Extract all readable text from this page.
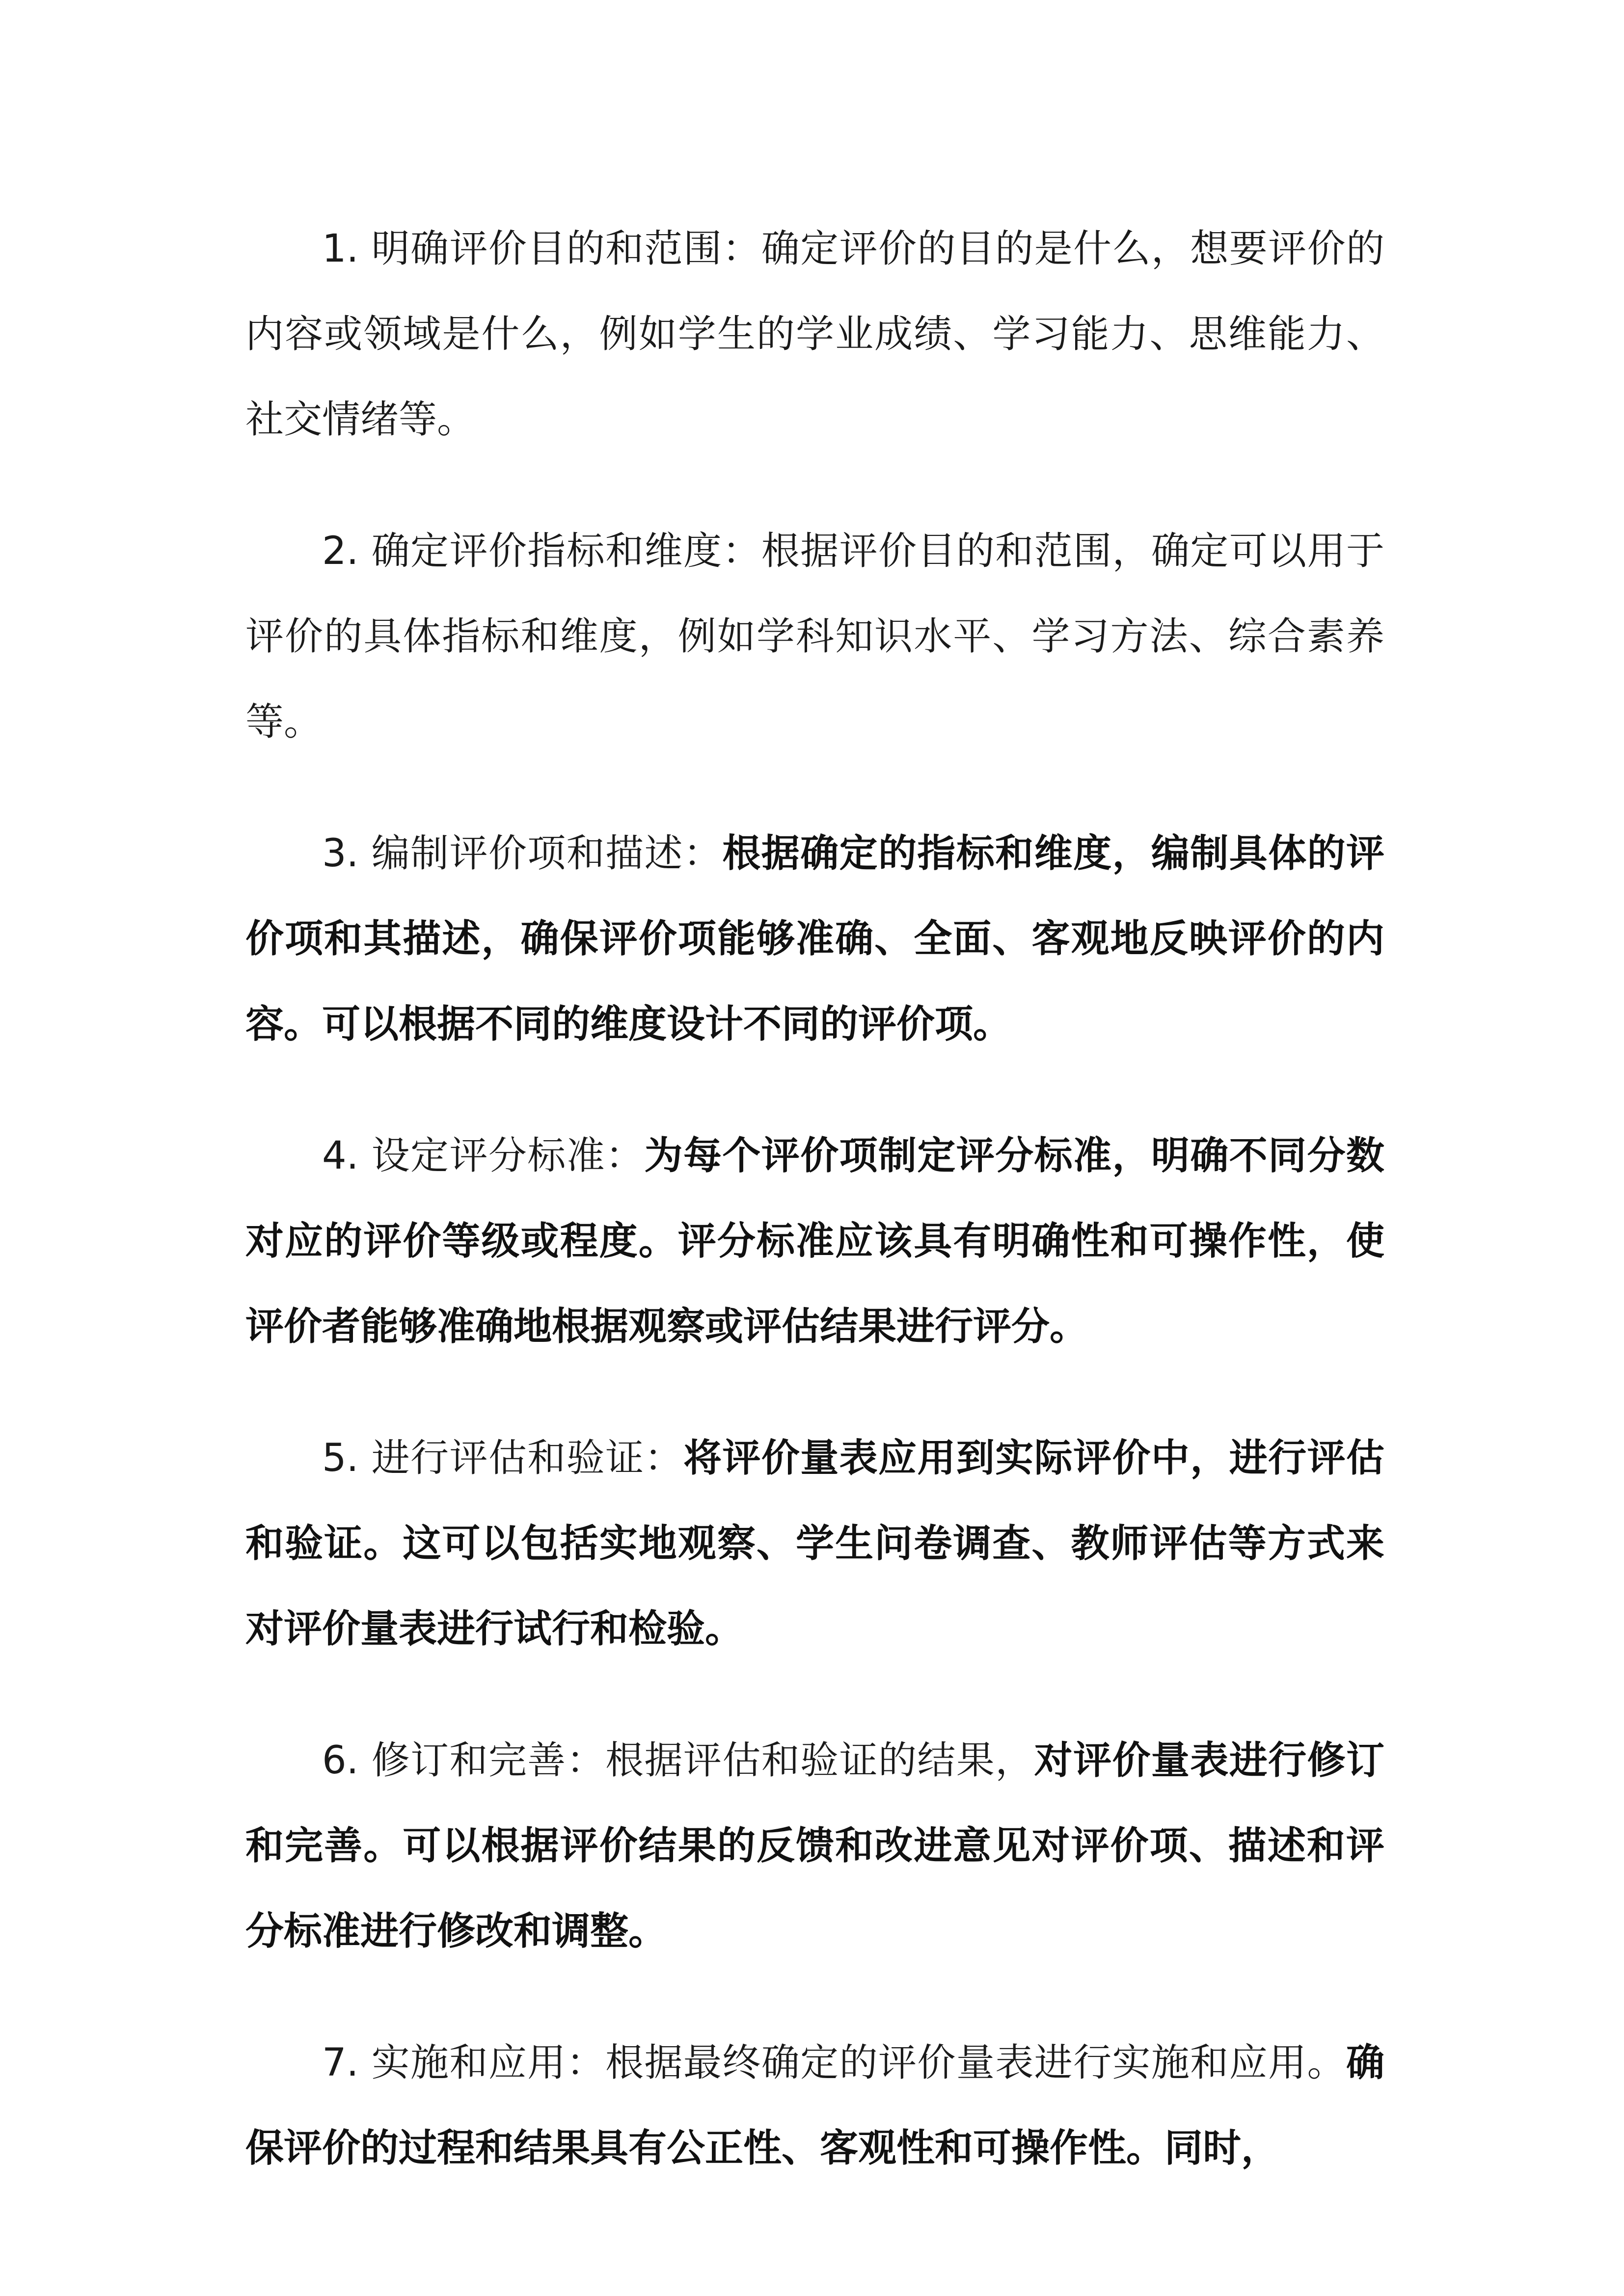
1. 明确评价目的和范围：确定评价的目的是什么，想要评价的内容或领域是什么，例如学生的学业成绩、学习能力、思维能力、社交情绪等。

2. 确定评价指标和维度：根据评价目的和范围，确定可以用于评价的具体指标和维度，例如学科知识水平、学习方法、综合素养等。

3. 编制评价项和描述：根据确定的指标和维度，编制具体的评价项和其描述，确保评价项能够准确、全面、客观地反映评价的内容。可以根据不同的维度设计不同的评价项。

4. 设定评分标准：为每个评价项制定评分标准，明确不同分数对应的评价等级或程度。评分标准应该具有明确性和可操作性，使评价者能够准确地根据观察或评估结果进行评分。

5. 进行评估和验证：将评价量表应用到实际评价中，进行评估和验证。这可以包括实地观察、学生问卷调查、教师评估等方式来对评价量表进行试行和检验。

6. 修订和完善：根据评估和验证的结果，对评价量表进行修订和完善。可以根据评价结果的反馈和改进意见对评价项、描述和评分标准进行修改和调整。

7. 实施和应用：根据最终确定的评价量表进行实施和应用。确保评价的过程和结果具有公正性、客观性和可操作性。同时，
